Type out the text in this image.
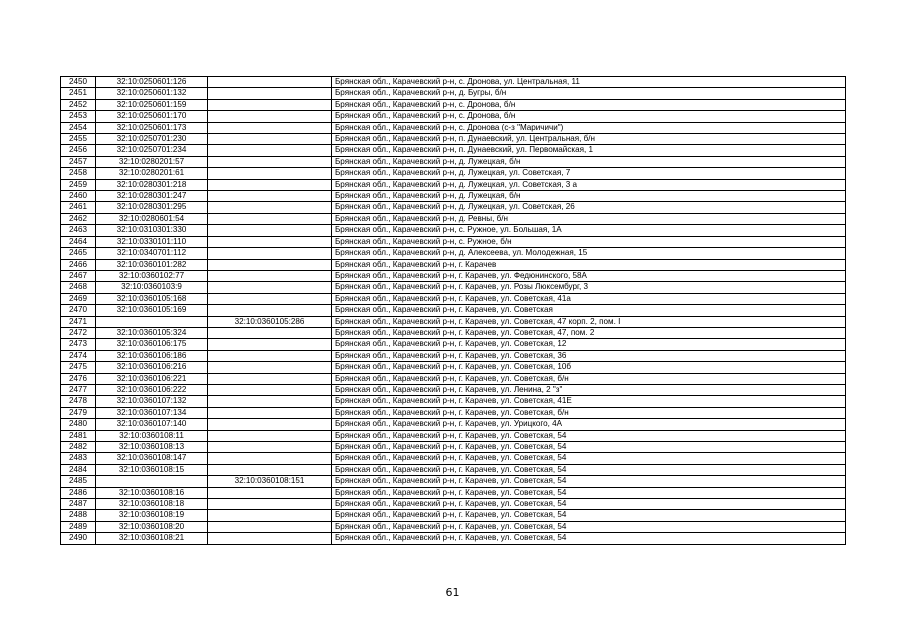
2450	32:10:0250601:126		Брянская обл., Карачевский р-н, с. Дронова, ул. Центральная, 11
2451	32:10:0250601:132		Брянская обл., Карачевский р-н, д. Бугры, б/н
2452	32:10:0250601:159		Брянская обл., Карачевский р-н, с. Дронова, б/н
2453	32:10:0250601:170		Брянская обл., Карачевский р-н, с. Дронова, б/н
2454	32:10:0250601:173		Брянская обл., Карачевский р-н, с. Дронова (с-з "Маричичи")
2455	32:10:0250701:230		Брянская обл., Карачевский р-н, п. Дунаевский, ул. Центральная, б/н
2456	32:10:0250701:234		Брянская обл., Карачевский р-н, п. Дунаевский, ул. Первомайская, 1
2457	32:10:0280201:57		Брянская обл., Карачевский р-н, д. Лужецкая, б/н
2458	32:10:0280201:61		Брянская обл., Карачевский р-н, д. Лужецкая, ул. Советская, 7
2459	32:10:0280301:218		Брянская обл., Карачевский р-н, д. Лужецкая, ул. Советская, 3 а
2460	32:10:0280301:247		Брянская обл., Карачевский р-н, д. Лужецкая, б/н
2461	32:10:0280301:295		Брянская обл., Карачевский р-н, д. Лужецкая, ул. Советская, 26
2462	32:10:0280601:54		Брянская обл., Карачевский р-н, д. Ревны, б/н
2463	32:10:0310301:330		Брянская обл., Карачевский р-н, с. Ружное, ул. Большая, 1А
2464	32:10:0330101:110		Брянская обл., Карачевский р-н, с. Ружное, б/н
2465	32:10:0340701:112		Брянская обл., Карачевский р-н, д. Алексеева, ул. Молодежная, 15
2466	32:10:0360101:282		Брянская обл., Карачевский р-н, г. Карачев
2467	32:10:0360102:77		Брянская обл., Карачевский р-н, г. Карачев, ул. Федюнинского, 58А
2468	32:10:0360103:9		Брянская обл., Карачевский р-н, г. Карачев, ул. Розы Люксембург, 3
2469	32:10:0360105:168		Брянская обл., Карачевский р-н, г. Карачев, ул. Советская, 41а
2470	32:10:0360105:169		Брянская обл., Карачевский р-н, г. Карачев, ул. Советская
2471		32:10:0360105:286	Брянская обл., Карачевский р-н, г. Карачев, ул. Советская, 47 корп. 2, пом. I
2472	32:10:0360105:324		Брянская обл., Карачевский р-н, г. Карачев, ул. Советская, 47, пом. 2
2473	32:10:0360106:175		Брянская обл., Карачевский р-н, г. Карачев, ул. Советская, 12
2474	32:10:0360106:186		Брянская обл., Карачевский р-н, г. Карачев, ул. Советская, 36
2475	32:10:0360106:216		Брянская обл., Карачевский р-н, г. Карачев, ул. Советская, 10б
2476	32:10:0360106:221		Брянская обл., Карачевский р-н, г. Карачев, ул. Советская, б/н
2477	32:10:0360106:222		Брянская обл., Карачевский р-н, г. Карачев, ул. Ленина, 2 "з"
2478	32:10:0360107:132		Брянская обл., Карачевский р-н, г. Карачев, ул. Советская, 41Е
2479	32:10:0360107:134		Брянская обл., Карачевский р-н, г. Карачев, ул. Советская, б/н
2480	32:10:0360107:140		Брянская обл., Карачевский р-н, г. Карачев, ул. Урицкого, 4А
2481	32:10:0360108:11		Брянская обл., Карачевский р-н, г. Карачев, ул. Советская, 54
2482	32:10:0360108:13		Брянская обл., Карачевский р-н, г. Карачев, ул. Советская, 54
2483	32:10:0360108:147		Брянская обл., Карачевский р-н, г. Карачев, ул. Советская, 54
2484	32:10:0360108:15		Брянская обл., Карачевский р-н, г. Карачев, ул. Советская, 54
2485		32:10:0360108:151	Брянская обл., Карачевский р-н, г. Карачев, ул. Советская, 54
2486	32:10:0360108:16		Брянская обл., Карачевский р-н, г. Карачев, ул. Советская, 54
2487	32:10:0360108:18		Брянская обл., Карачевский р-н, г. Карачев, ул. Советская, 54
2488	32:10:0360108:19		Брянская обл., Карачевский р-н, г. Карачев, ул. Советская, 54
2489	32:10:0360108:20		Брянская обл., Карачевский р-н, г. Карачев, ул. Советская, 54
2490	32:10:0360108:21		Брянская обл., Карачевский р-н, г. Карачев, ул. Советская, 54
61
